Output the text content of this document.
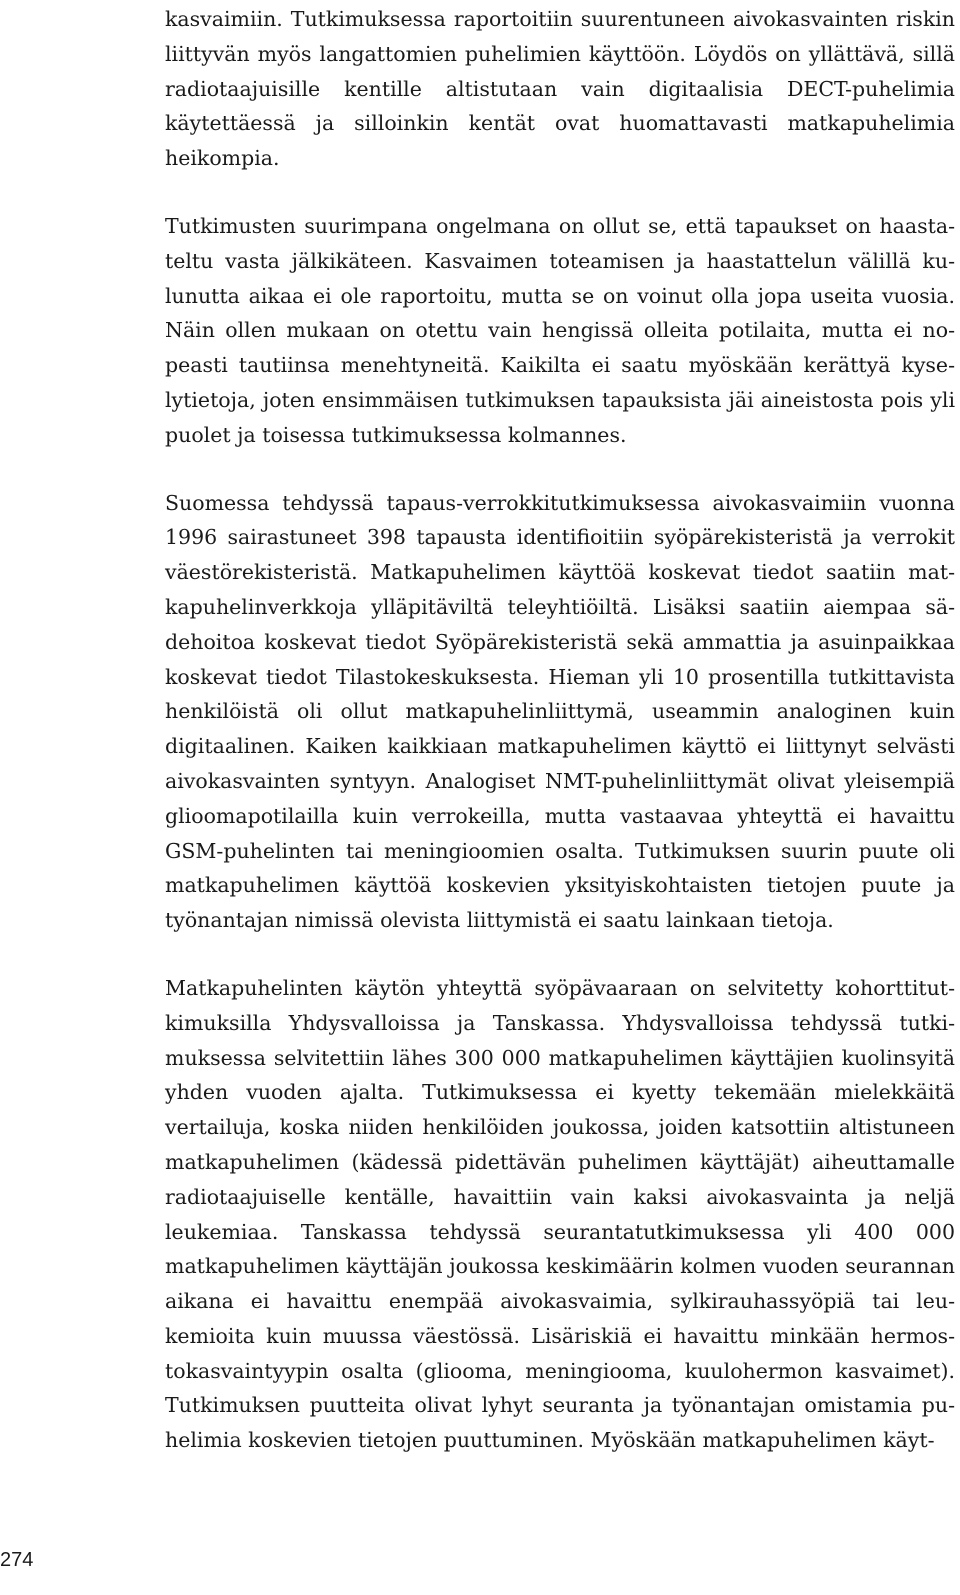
kasvaimiin. Tutkimuksessa raportoitiin suurentuneen aivokasvainten riskin liittyvän myös langattomien puhelimien käyttöön. Löydös on yllättävä, sillä radiotaajuisille kentille altistutaan vain digitaalisia DECT-puhelimia käytettäessä ja silloinkin kentät ovat huomattavasti matkapuhelimia heikompia.

Tutkimusten suurimpana ongelmana on ollut se, että tapaukset on haastateltu vasta jälkikäteen. Kasvaimen toteamisen ja haastattelun välillä kulunutta aikaa ei ole raportoitu, mutta se on voinut olla jopa useita vuosia. Näin ollen mukaan on otettu vain hengissä olleita potilaita, mutta ei nopeasti tautiinsa menehtyneitä. Kaikilta ei saatu myöskään kerättyä kyselytietoja, joten ensimmäisen tutkimuksen tapauksista jäi aineistosta pois yli puolet ja toisessa tutkimuksessa kolmannes.

Suomessa tehdyssä tapaus-verrokkitutkimuksessa aivokasvaimiin vuonna 1996 sairastuneet 398 tapausta identifioitiin syöpärekisteristä ja verrokit väestörekisteristä. Matkapuhelimen käyttöä koskevat tiedot saatiin matkapuhelinverkkoja ylläpitäviltä teleyhtiöiltä. Lisäksi saatiin aiempaa sädehoitoa koskevat tiedot Syöpärekisteristä sekä ammattia ja asuinpaikkaa koskevat tiedot Tilastokeskuksesta. Hieman yli 10 prosentilla tutkittavista henkilöistä oli ollut matkapuhelinliittymä, useammin analoginen kuin digitaalinen. Kaiken kaikkiaan matkapuhelimen käyttö ei liittynyt selvästi aivokasvainten syntyyn. Analogiset NMT-puhelinliittymät olivat yleisempiä glioomapotilailla kuin verrokeilla, mutta vastaavaa yhteyttä ei havaittu GSM-puhelinten tai meningioomien osalta. Tutkimuksen suurin puute oli matkapuhelimen käyttöä koskevien yksityiskohtaisten tietojen puute ja työnantajan nimissä olevista liittymistä ei saatu lainkaan tietoja.

Matkapuhelinten käytön yhteyttä syöpävaaraan on selvitetty kohorttitutkimuksilla Yhdysvalloissa ja Tanskassa. Yhdysvalloissa tehdyssä tutkimuksessa selvitettiin lähes 300 000 matkapuhelimen käyttäjien kuolinsyitä yhden vuoden ajalta. Tutkimuksessa ei kyetty tekemään mielekkäitä vertailuja, koska niiden henkilöiden joukossa, joiden katsottiin altistuneen matkapuhelimen (kädessä pidettävän puhelimen käyttäjät) aiheuttamalle radiotaajuiselle kentälle, havaittiin vain kaksi aivokasvainta ja neljä leukemiaa. Tanskassa tehdyssä seurantatutkimuksessa yli 400 000 matkapuhelimen käyttäjän joukossa keskimäärin kolmen vuoden seurannan aikana ei havaittu enempää aivokasvaimia, sylkirauhassyöpiä tai leukemioita kuin muussa väestössä. Lisäriskiä ei havaittu minkään hermostokasvaintyypin osalta (glioomа, meningioomа, kuulohermon kasvaimet). Tutkimuksen puutteita olivat lyhyt seuranta ja työnantajan omistamia puhelimia koskevien tietojen puuttuminen. Myöskään matkapuhelimen käyt-

274
